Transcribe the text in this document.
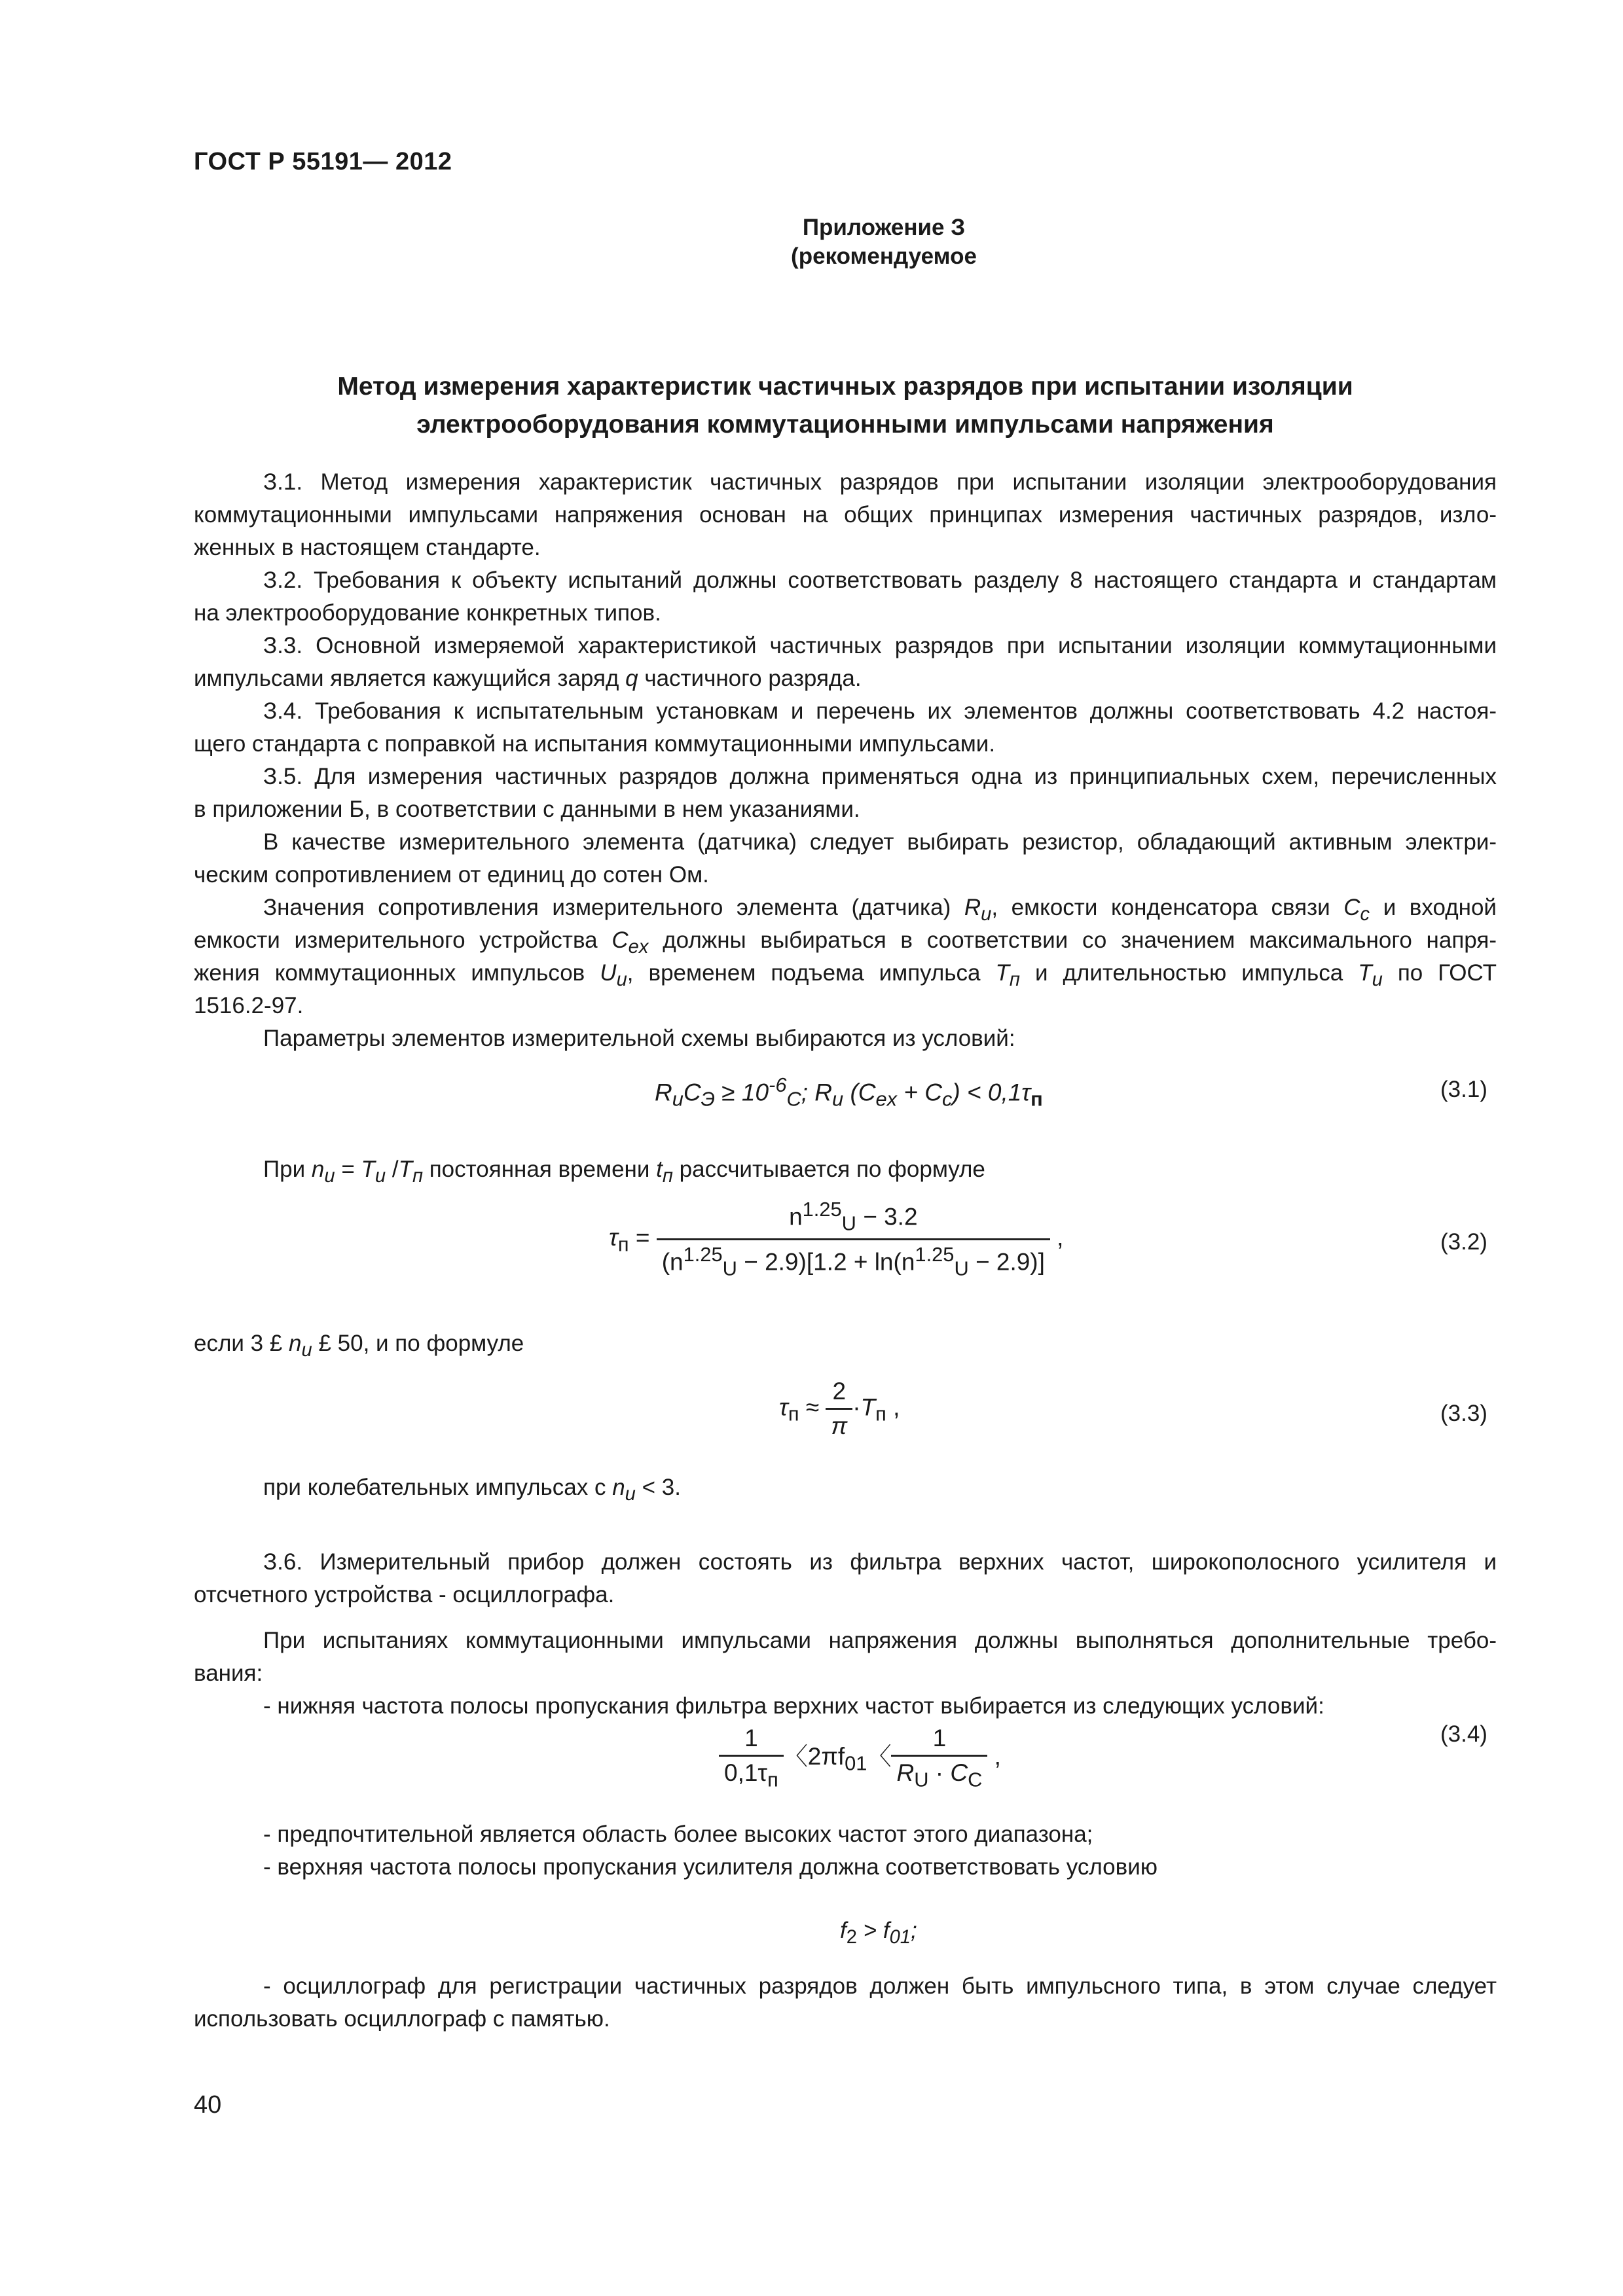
ГОСТ Р 55191— 2012
Приложение З
(рекомендуемое
Метод измерения характеристик частичных разрядов при испытании изоляции
электрооборудования коммутационными импульсами напряжения
З.1. Метод измерения характеристик частичных разрядов при испытании изоляции электрооборудования
коммутационными импульсами напряжения основан на общих принципах измерения частичных разрядов, изло-
женных в настоящем стандарте.
З.2. Требования к объекту испытаний должны соответствовать разделу 8 настоящего стандарта и стандартам
на электрооборудование конкретных типов.
З.3. Основной измеряемой характеристикой частичных разрядов при испытании изоляции коммутационными
импульсами является кажущийся заряд q частичного разряда.
З.4. Требования к испытательным установкам и перечень их элементов должны соответствовать 4.2 настоя-
щего стандарта с поправкой на испытания коммутационными импульсами.
З.5. Для измерения частичных разрядов должна применяться одна из принципиальных схем, перечисленных
в приложении Б, в соответствии с данными в нем указаниями.
В качестве измерительного элемента (датчика) следует выбирать резистор, обладающий активным электри-
ческим сопротивлением от единиц до сотен Ом.
Значения сопротивления измерительного элемента (датчика) $R_u$, емкости конденсатора связи $C_c$ и входной
емкости измерительного устройства $C_{ex}$ должны выбираться в соответствии со значением максимального напря-
жения коммутационных импульсов $U_u$, временем подъема импульса $T_п$ и длительностью импульса $T_u$ по ГОСТ
1516.2-97.
Параметры элементов измерительной схемы выбираются из условий:
$R_uC_Э \ge 10^{-6}_C$; $R_u$ $(C_{ex} + C_c) < 0,1\tau_п$	(3.1)
При $n_u = T_u$ $/T_п$ постоянная времени $t_п$ рассчитывается по формуле
$\tau_п = \frac{n^{1.25}_U - 3.2}{(n^{1.25}_U - 2.9)[1.2 + \ln(n^{1.25}_U - 2.9)]}$ ,	(3.2)
если 3 £ $n_u$ £ 50, и по формуле
$\tau_п \approx \frac{2}{\pi} \cdot T_п$ ,	(3.3)
при колебательных импульсах с $n_u < 3$.
З.6. Измерительный прибор должен состоять из фильтра верхних частот, широкополосного усилителя и
отсчетного устройства - осциллографа.
При испытаниях коммутационными импульсами напряжения должны выполняться дополнительные требо-
вания:
- нижняя частота полосы пропускания фильтра верхних частот выбирается из следующих условий:
$\frac{1}{0,1\tau_п}$ 〈$2\pi f_{01}$〈 $\frac{1}{R_U \cdot C_C}$ ,
(3.4)
- предпочтительной является область более высоких частот этого диапазона;
- верхняя частота полосы пропускания усилителя должна соответствовать условию
$f_2 > f_{01}$;
- осциллограф для регистрации частичных разрядов должен быть импульсного типа, в этом случае следует
использовать осциллограф с памятью.
40
